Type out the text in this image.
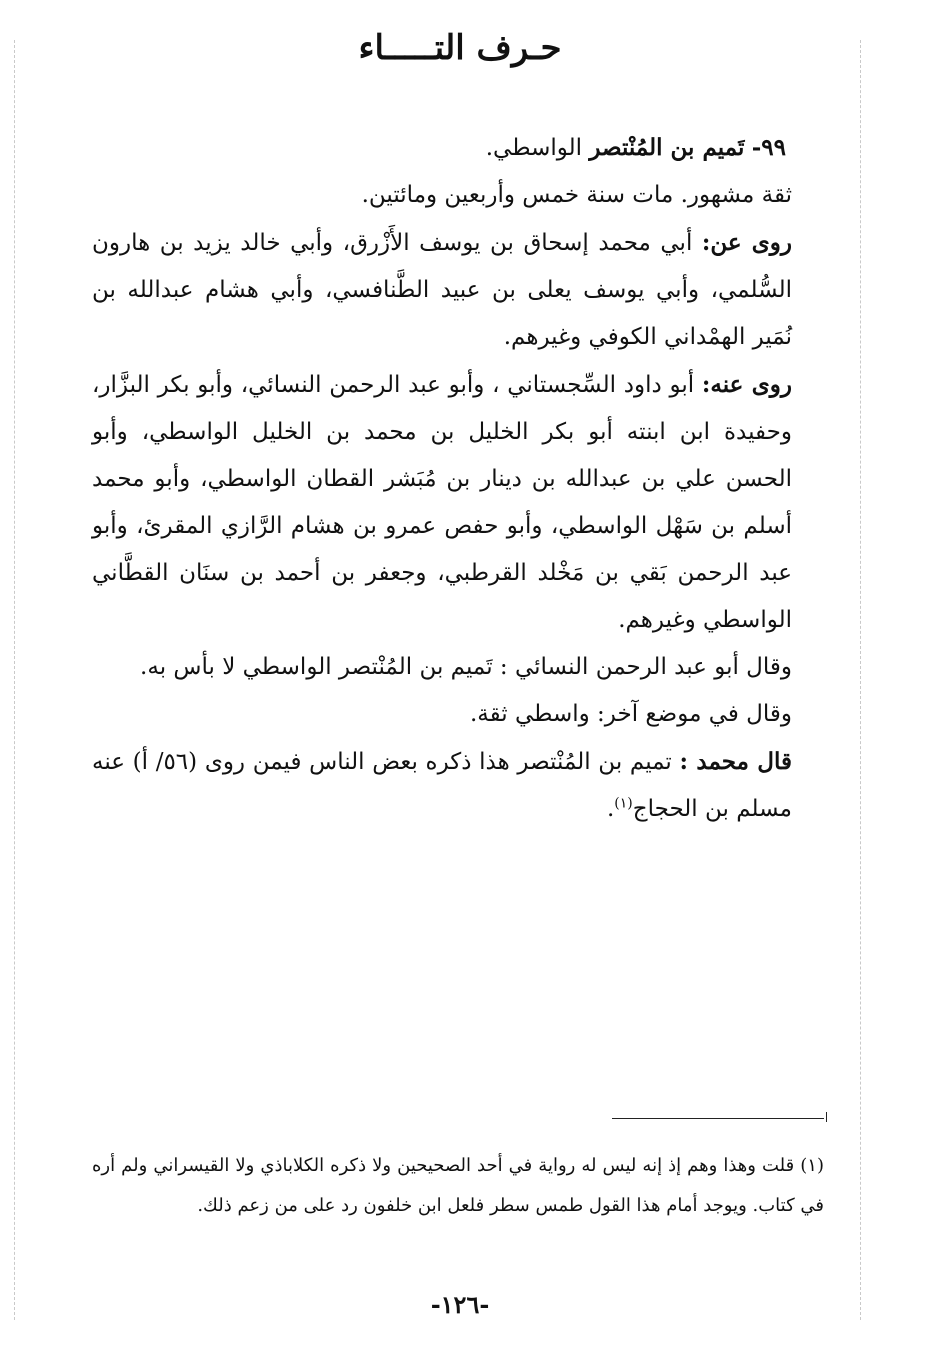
حـرف التـــــاء

٩٩- تَميم بن المُنْتصر الواسطي.

ثقة مشهور. مات سنة خمس وأربعين ومائتين.

روى عن: أبي محمد إسحاق بن يوسف الأَزْرق، وأبي خالد يزيد بن هارون السُّلمي، وأبي يوسف يعلى بن عبيد الطَّنافسي، وأبي هشام عبدالله بن نُمَير الهمْداني الكوفي وغيرهم.

روى عنه: أبو داود السِّجستاني ، وأبو عبد الرحمن النسائي، وأبو بكر البزَّار، وحفيدة ابن ابنته أبو بكر الخليل بن محمد بن الخليل الواسطي، وأبو الحسن علي بن عبدالله بن دينار بن مُبَشر القطان الواسطي، وأبو محمد أسلم بن سَهْل الواسطي، وأبو حفص عمرو بن هشام الرَّازي المقرئ، وأبو عبد الرحمن بَقي بن مَخْلد القرطبي، وجعفر بن أحمد بن سنَان القطَّاني الواسطي وغيرهم.

وقال أبو عبد الرحمن النسائي : تَميم بن المُنْتصر الواسطي لا بأس به.

وقال في موضع آخر: واسطي ثقة.

قال محمد : تميم بن المُنْتصر هذا ذكره بعض الناس فيمن روى (٥٦/ أ) عنه مسلم بن الحجاج$^{(١)}$.

(١) قلت وهذا وهم إذ إنه ليس له رواية في أحد الصحيحين ولا ذكره الكلاباذي ولا القيسراني ولم أره في كتاب. ويوجد أمام هذا القول طمس سطر فلعل ابن خلفون رد على من زعم ذلك.

-١٢٦-
